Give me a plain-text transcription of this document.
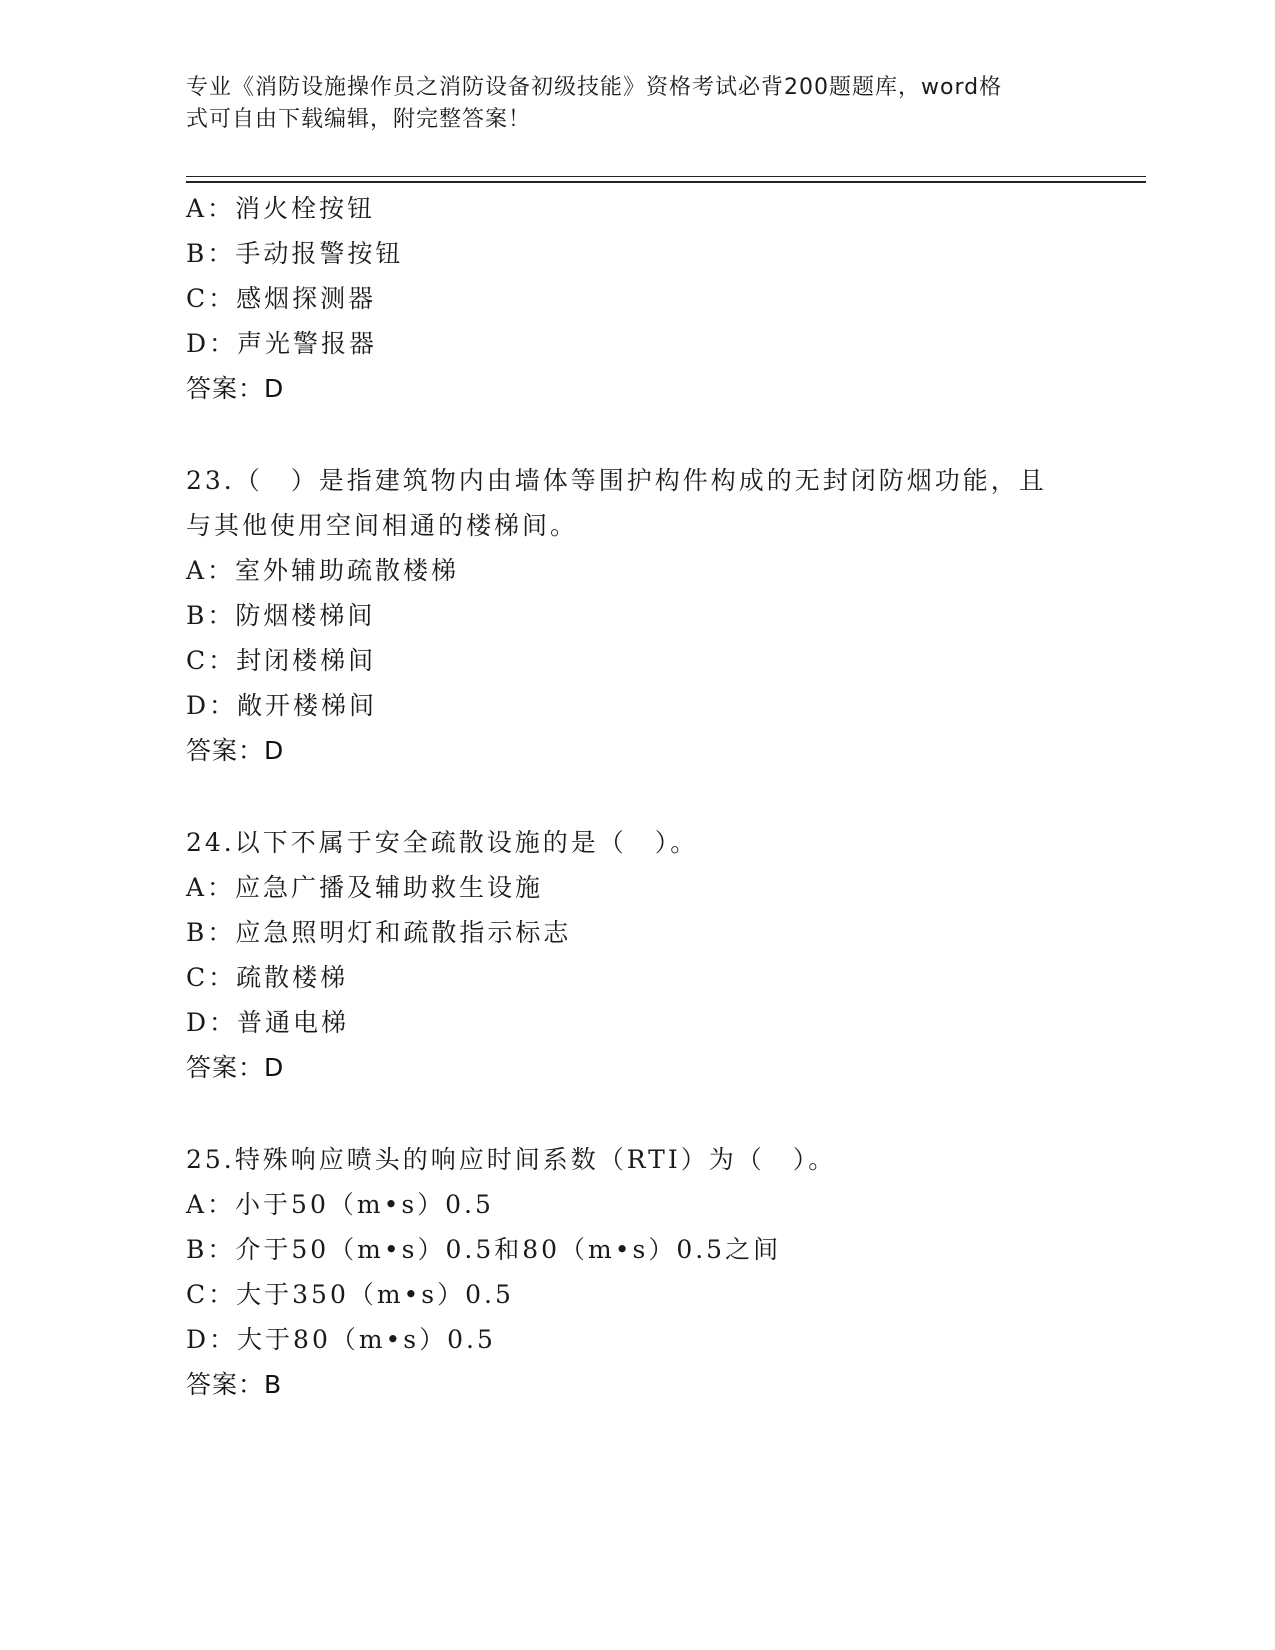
专业《消防设施操作员之消防设备初级技能》资格考试必背200题题库，word格
式可自由下载编辑，附完整答案！
A：消火栓按钮
B：手动报警按钮
C：感烟探测器
D：声光警报器
答案：D
23.（　）是指建筑物内由墙体等围护构件构成的无封闭防烟功能，且
与其他使用空间相通的楼梯间。
A：室外辅助疏散楼梯
B：防烟楼梯间
C：封闭楼梯间
D：敞开楼梯间
答案：D
24.以下不属于安全疏散设施的是（　）。
A：应急广播及辅助救生设施
B：应急照明灯和疏散指示标志
C：疏散楼梯
D：普通电梯
答案：D
25.特殊响应喷头的响应时间系数（RTI）为（　）。
A：小于50（m•s）0.5
B：介于50（m•s）0.5和80（m•s）0.5之间
C：大于350（m•s）0.5
D：大于80（m•s）0.5
答案：B
